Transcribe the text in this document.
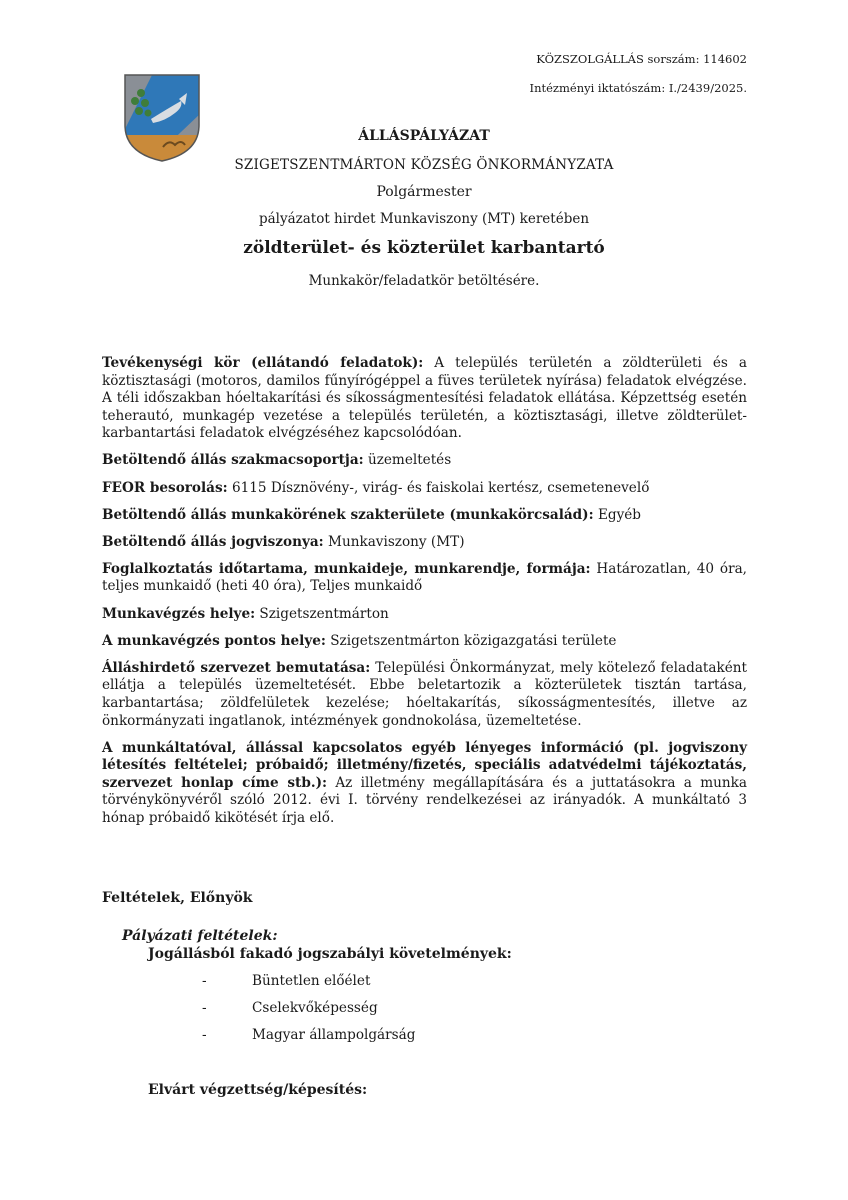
KÖZSZOLGÁLLÁS sorszám: 114602
Intézményi iktatószám: I./2439/2025.
ÁLLÁSPÁLYÁZAT
SZIGETSZENTMÁRTON KÖZSÉG ÖNKORMÁNYZATA
Polgármester
pályázatot hirdet Munkaviszony (MT) keretében
zöldterület- és közterület karbantartó
Munkakör/feladatkör betöltésére.

Tevékenységi kör (ellátandó feladatok): A település területén a zöldterületi és a köztisztasági (motoros, damilos fűnyírógéppel a füves területek nyírása) feladatok elvégzése. A téli időszakban hóeltakarítási és síkosságmentesítési feladatok ellátása. Képzettség esetén teherautó, munkagép vezetése a település területén, a köztisztasági, illetve zöldterület- karbantartási feladatok elvégzéséhez kapcsolódóan.

Betöltendő állás szakmacsoportja: üzemeltetés

FEOR besorolás: 6115 Dísznövény-, virág- és faiskolai kertész, csemetenevelő

Betöltendő állás munkakörének szakterülete (munkakörcsalád): Egyéb

Betöltendő állás jogviszonya: Munkaviszony (MT)

Foglalkoztatás időtartama, munkaideje, munkarendje, formája: Határozatlan, 40 óra, teljes munkaidő (heti 40 óra), Teljes munkaidő

Munkavégzés helye: Szigetszentmárton

A munkavégzés pontos helye: Szigetszentmárton közigazgatási területe

Álláshirdető szervezet bemutatása: Települési Önkormányzat, mely kötelező feladataként ellátja a település üzemeltetését. Ebbe beletartozik a közterületek tisztán tartása, karbantartása; zöldfelületek kezelése; hóeltakarítás, síkosságmentesítés, illetve az önkormányzati ingatlanok, intézmények gondnokolása, üzemeltetése.

A munkáltatóval, állással kapcsolatos egyéb lényeges információ (pl. jogviszony létesítés feltételei; próbaidő; illetmény/fizetés, speciális adatvédelmi tájékoztatás, szervezet honlap címe stb.): Az illetmény megállapítására és a juttatásokra a munka törvénykönyvéről szóló 2012. évi I. törvény rendelkezései az irányadók. A munkáltató 3 hónap próbaidő kikötését írja elő.

Feltételek, Előnyök
Pályázati feltételek:
Jogállásból fakadó jogszabályi követelmények:
-	Büntetlen előélet
-	Cselekvőképesség
-	Magyar állampolgárság
Elvárt végzettség/képesítés:
